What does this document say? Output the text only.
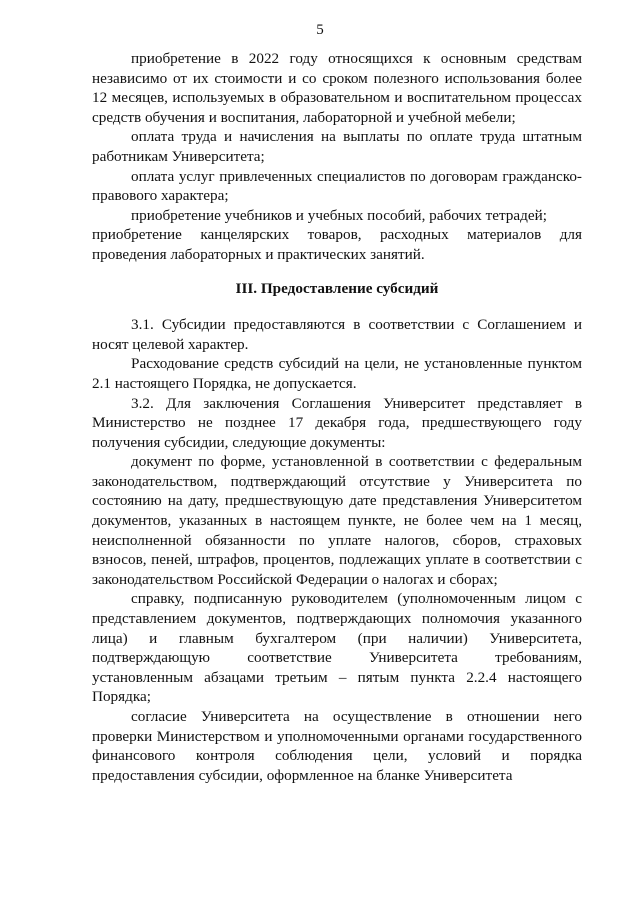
5

приобретение в 2022 году относящихся к основным средствам независимо от их стоимости и со сроком полезного использования более 12 месяцев, используемых в образовательном и воспитательном процессах средств обучения и воспитания, лабораторной и учебной мебели;

оплата труда и начисления на выплаты по оплате труда штатным работникам Университета;

оплата услуг привлеченных специалистов по договорам гражданско-правового характера;

приобретение учебников и учебных пособий, рабочих тетрадей;

приобретение канцелярских товаров, расходных материалов для проведения лабораторных и практических занятий.

III. Предоставление субсидий

3.1. Субсидии предоставляются в соответствии с Соглашением и носят целевой характер.

Расходование средств субсидий на цели, не установленные пунктом 2.1 настоящего Порядка, не допускается.

3.2. Для заключения Соглашения Университет представляет в Министерство не позднее 17 декабря года, предшествующего году получения субсидии, следующие документы:

документ по форме, установленной в соответствии с федеральным законодательством, подтверждающий отсутствие у Университета по состоянию на дату, предшествующую дате представления Университетом документов, указанных в настоящем пункте, не более чем на 1 месяц, неисполненной обязанности по уплате налогов, сборов, страховых взносов, пеней, штрафов, процентов, подлежащих уплате в соответствии с законодательством Российской Федерации о налогах и сборах;

справку, подписанную руководителем (уполномоченным лицом с представлением документов, подтверждающих полномочия указанного лица) и главным бухгалтером (при наличии) Университета, подтверждающую соответствие Университета требованиям, установленным абзацами третьим – пятым пункта 2.2.4 настоящего Порядка;

согласие Университета на осуществление в отношении него проверки Министерством и уполномоченными органами государственного финансового контроля соблюдения цели, условий и порядка предоставления субсидии, оформленное на бланке Университета
